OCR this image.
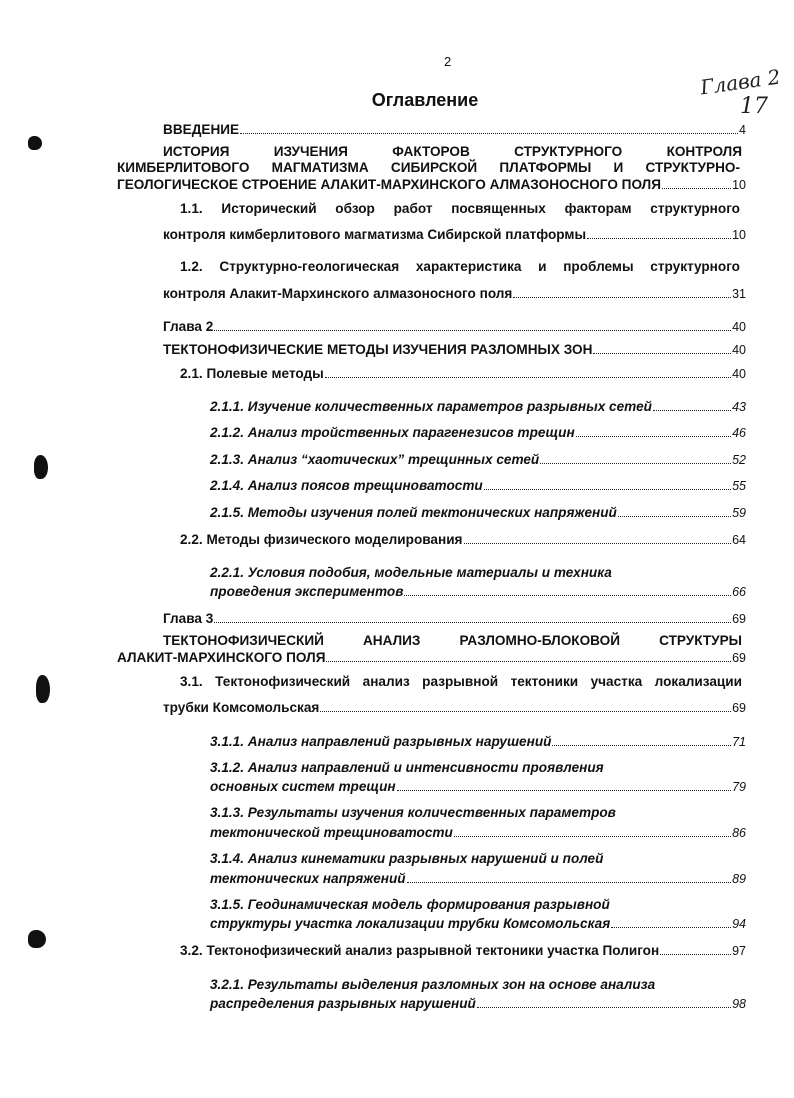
2
Глава 2
17
Оглавление
ВВЕДЕНИЕ	4
ИСТОРИЯ ИЗУЧЕНИЯ ФАКТОРОВ СТРУКТУРНОГО КОНТРОЛЯ
КИМБЕРЛИТОВОГО МАГМАТИЗМА СИБИРСКОЙ ПЛАТФОРМЫ И СТРУКТУРНО-
ГЕОЛОГИЧЕСКОЕ СТРОЕНИЕ АЛАКИТ-МАРХИНСКОГО АЛМАЗОНОСНОГО ПОЛЯ	10
1.1. Исторический обзор работ посвященных факторам структурного
контроля кимберлитового магматизма Сибирской платформы	10
1.2. Структурно-геологическая характеристика и проблемы структурного
контроля Алакит-Мархинского алмазоносного поля	31
Глава 2	40
ТЕКТОНОФИЗИЧЕСКИЕ МЕТОДЫ ИЗУЧЕНИЯ РАЗЛОМНЫХ ЗОН	40
2.1. Полевые методы	40
2.1.1. Изучение количественных параметров разрывных сетей	43
2.1.2. Анализ тройственных парагенезисов трещин	46
2.1.3. Анализ “хаотических” трещинных сетей	52
2.1.4. Анализ поясов трещиноватости	55
2.1.5. Методы изучения полей тектонических напряжений	59
2.2. Методы физического моделирования	64
2.2.1. Условия подобия, модельные материалы и техника
проведения экспериментов	66
Глава 3	69
ТЕКТОНОФИЗИЧЕСКИЙ АНАЛИЗ РАЗЛОМНО-БЛОКОВОЙ СТРУКТУРЫ
АЛАКИТ-МАРХИНСКОГО ПОЛЯ	69
3.1. Тектонофизический анализ разрывной тектоники участка локализации
трубки Комсомольская	69
3.1.1. Анализ направлений разрывных нарушений	71
3.1.2. Анализ направлений и интенсивности проявления
основных систем трещин	79
3.1.3. Результаты изучения количественных параметров
тектонической трещиноватости	86
3.1.4. Анализ кинематики разрывных нарушений и полей
тектонических напряжений	89
3.1.5. Геодинамическая модель формирования разрывной
структуры участка локализации трубки Комсомольская	94
3.2. Тектонофизический анализ разрывной тектоники участка Полигон	97
3.2.1. Результаты выделения разломных зон на основе анализа
распределения разрывных нарушений	98
